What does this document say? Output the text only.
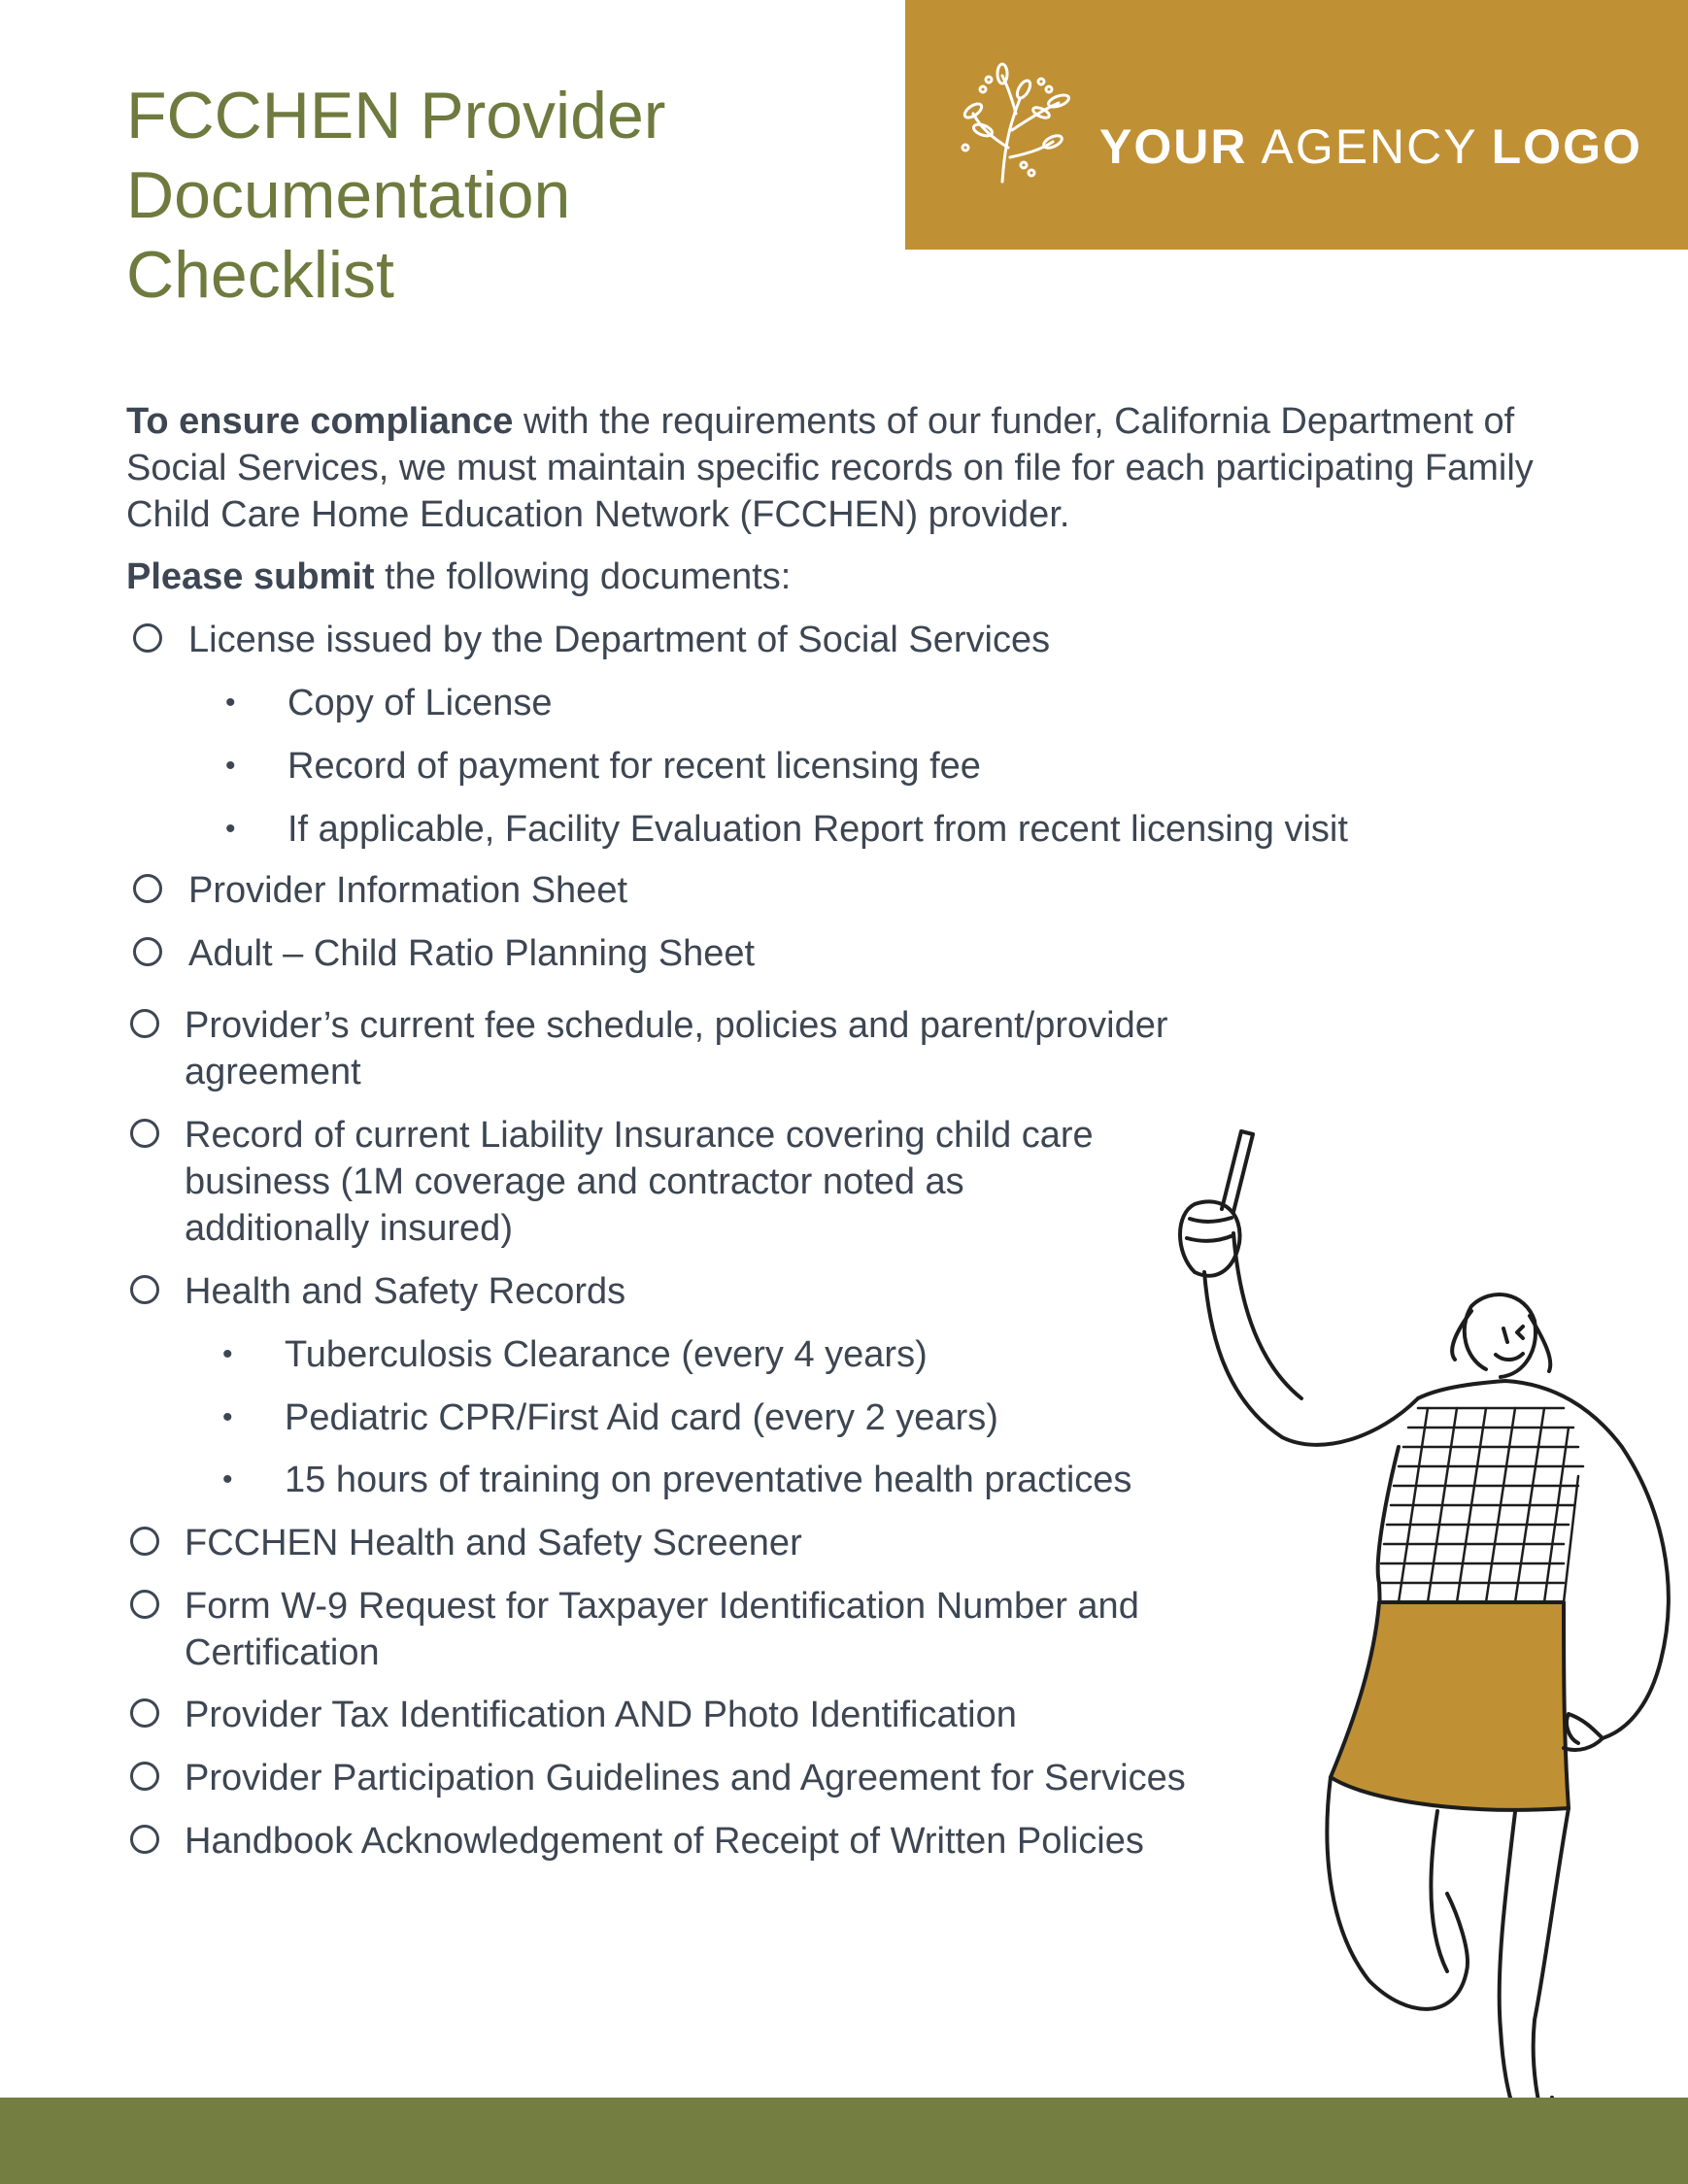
FCCHEN Provider
Documentation
Checklist
YOUR AGENCY LOGO

To ensure compliance with the requirements of our funder, California Department of Social Services, we must maintain specific records on file for each participating Family Child Care Home Education Network (FCCHEN) provider.

Please submit the following documents:

License issued by the Department of Social Services
• Copy of License
• Record of payment for recent licensing fee
• If applicable, Facility Evaluation Report from recent licensing visit
Provider Information Sheet
Adult – Child Ratio Planning Sheet
Provider’s current fee schedule, policies and parent/provider
agreement
Record of current Liability Insurance covering child care
business (1M coverage and contractor noted as
additionally insured)
Health and Safety Records
• Tuberculosis Clearance (every 4 years)
• Pediatric CPR/First Aid card (every 2 years)
• 15 hours of training on preventative health practices
FCCHEN Health and Safety Screener
Form W-9 Request for Taxpayer Identification Number and
Certification
Provider Tax Identification AND Photo Identification
Provider Participation Guidelines and Agreement for Services
Handbook Acknowledgement of Receipt of Written Policies
